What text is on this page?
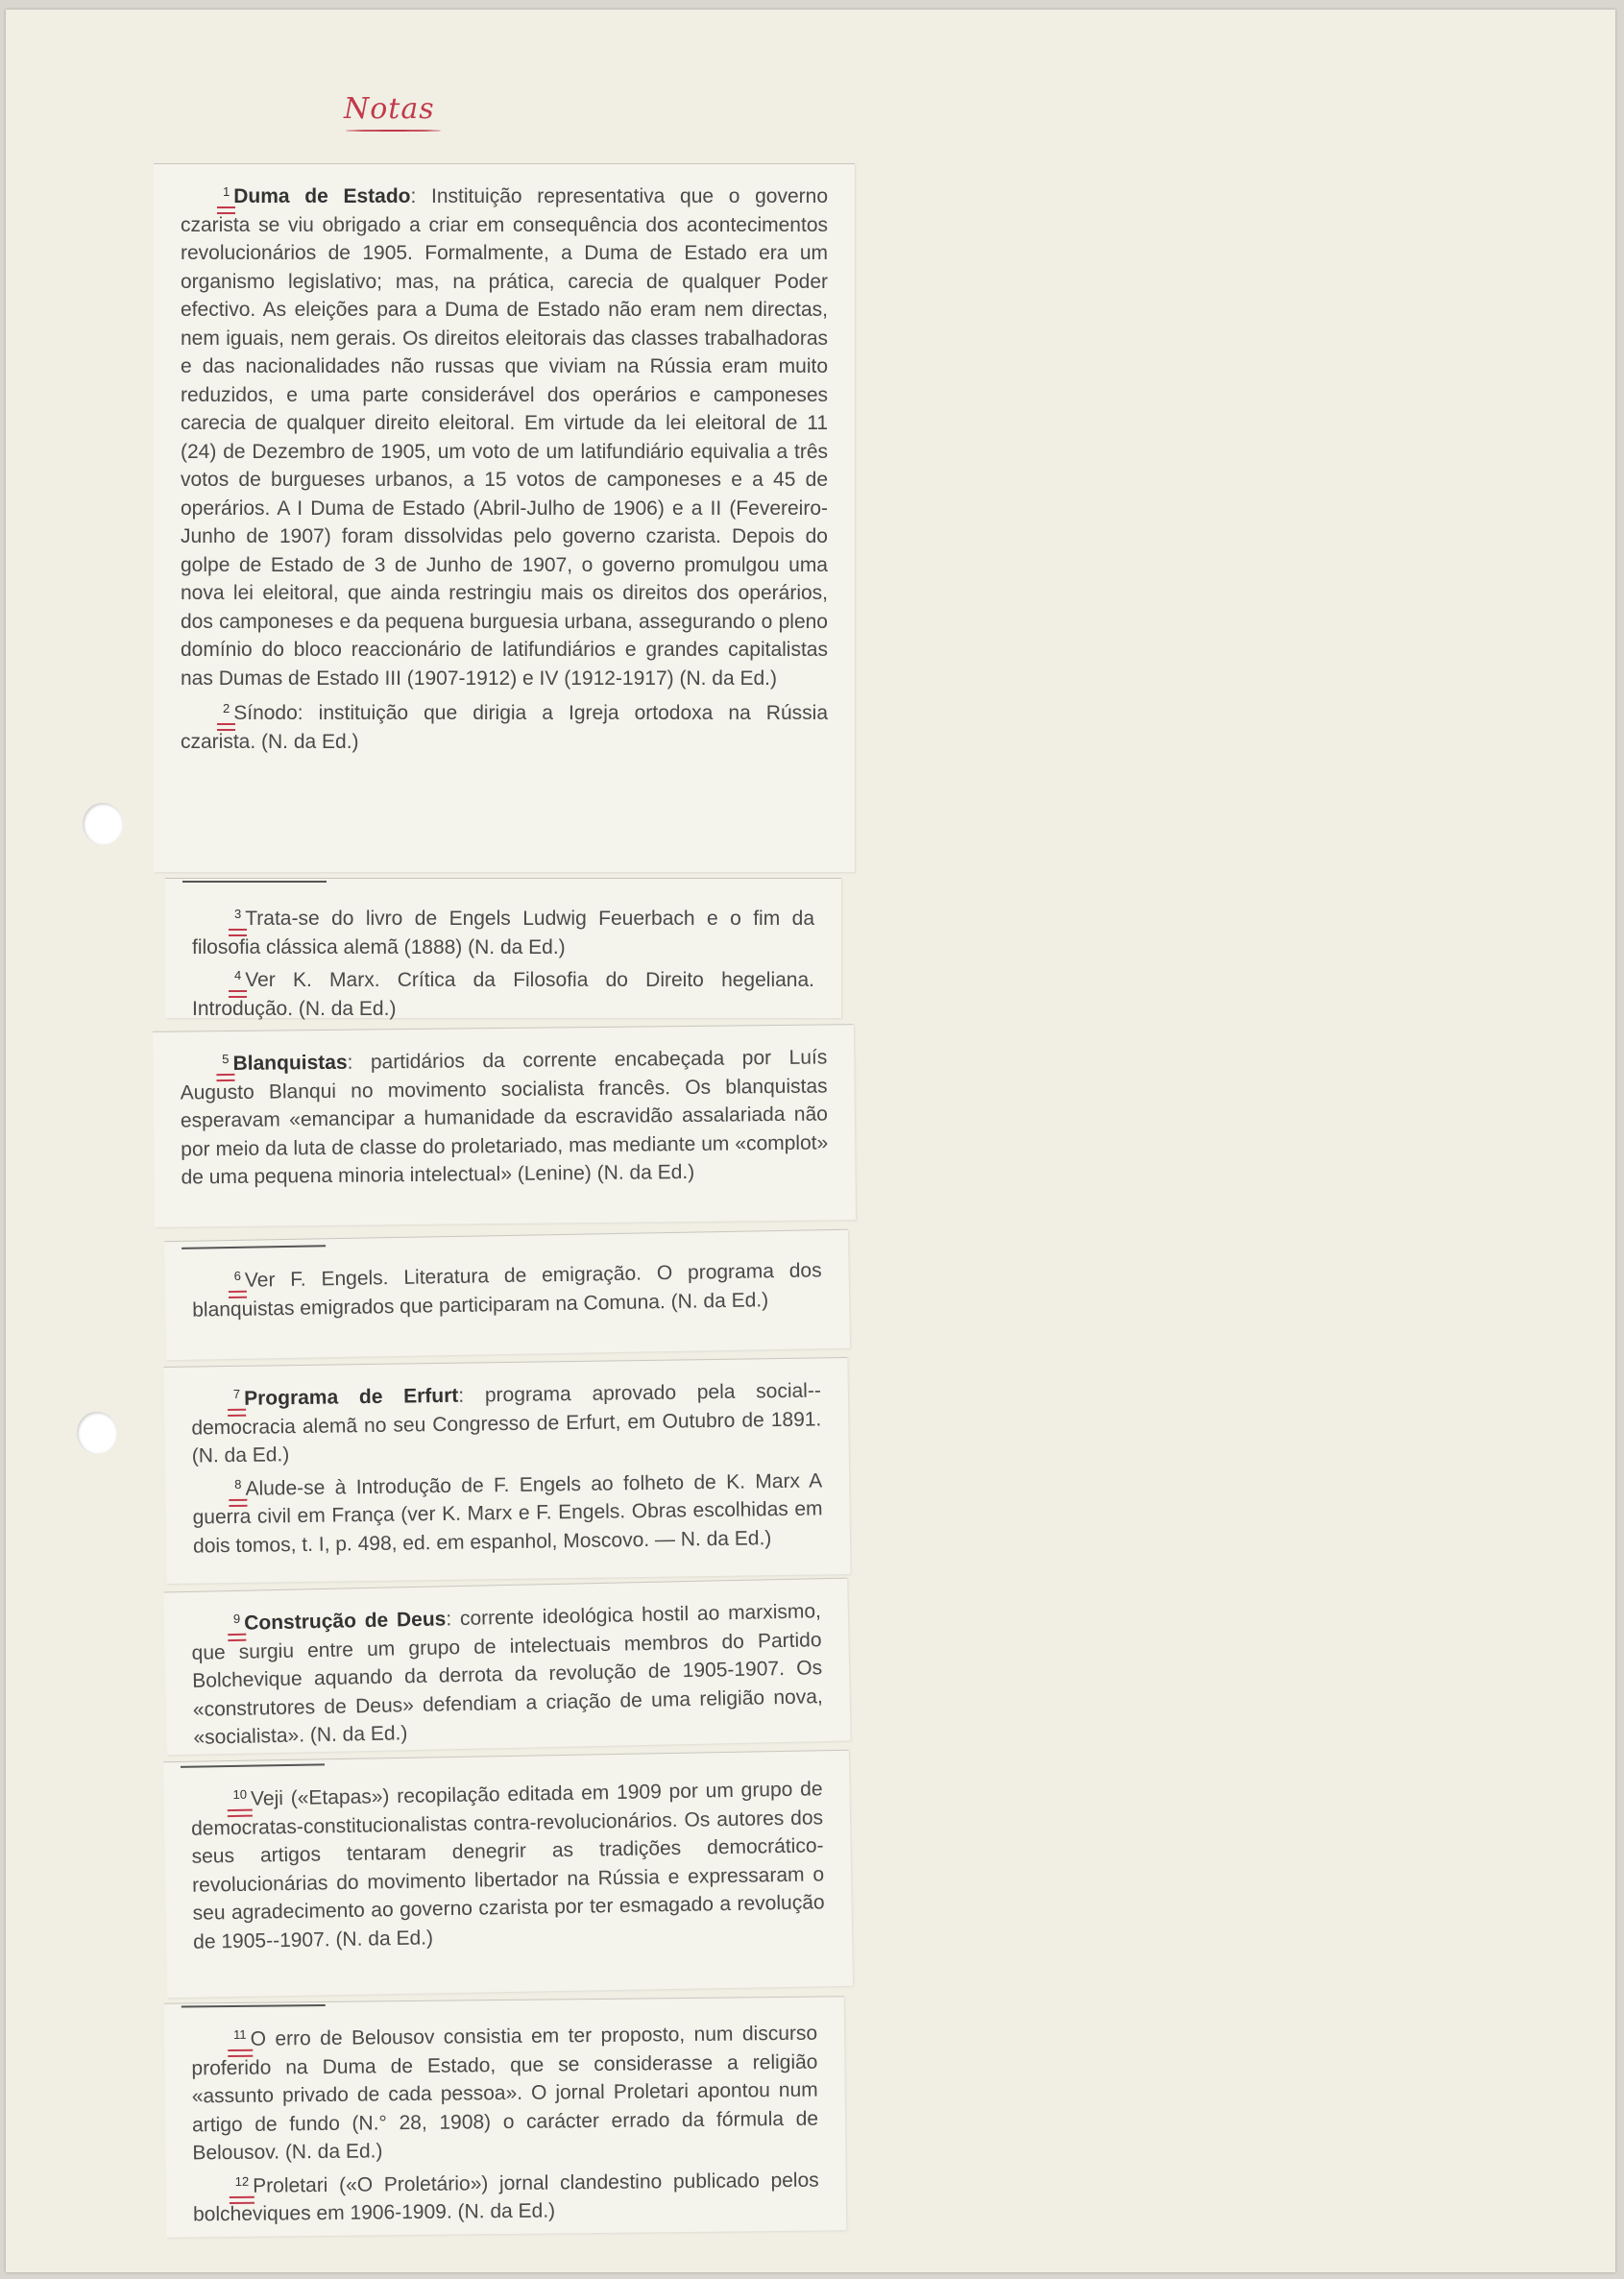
Notas

$^1$ Duma de Estado: Instituição representativa que o governo czarista se viu obrigado a criar em consequência dos acontecimentos revolucionários de 1905. Formalmente, a Duma de Estado era um organismo legislativo; mas, na prática, carecia de qualquer Poder efectivo. As eleições para a Duma de Estado não eram nem directas, nem iguais, nem gerais. Os direitos eleitorais das classes trabalhadoras e das nacionalidades não russas que viviam na Rússia eram muito reduzidos, e uma parte considerável dos operários e camponeses carecia de qualquer direito eleitoral. Em virtude da lei eleitoral de 11 (24) de Dezembro de 1905, um voto de um latifundiário equivalia a três votos de burgueses urbanos, a 15 votos de camponeses e a 45 de operários. A I Duma de Estado (Abril-Julho de 1906) e a II (Fevereiro-Junho de 1907) foram dissolvidas pelo governo czarista. Depois do golpe de Estado de 3 de Junho de 1907, o governo promulgou uma nova lei eleitoral, que ainda restringiu mais os direitos dos operários, dos camponeses e da pequena burguesia urbana, assegurando o pleno domínio do bloco reaccionário de latifundiários e grandes capitalistas nas Dumas de Estado III (1907-1912) e IV (1912-1917) (N. da Ed.)

$^2$ Sínodo: instituição que dirigia a Igreja ortodoxa na Rússia czarista. (N. da Ed.)

$^3$ Trata-se do livro de Engels Ludwig Feuerbach e o fim da filosofia clássica alemã (1888) (N. da Ed.)

$^4$ Ver K. Marx. Crítica da Filosofia do Direito hegeliana. Introdução. (N. da Ed.)

$^5$ Blanquistas: partidários da corrente encabeçada por Luís Augusto Blanqui no movimento socialista francês. Os blanquistas esperavam «emancipar a humanidade da escravidão assalariada não por meio da luta de classe do proletariado, mas mediante um «complot» de uma pequena minoria intelectual» (Lenine) (N. da Ed.)

$^6$ Ver F. Engels. Literatura de emigração. O programa dos blanquistas emigrados que participaram na Comuna. (N. da Ed.)

$^7$ Programa de Erfurt: programa aprovado pela social--democracia alemã no seu Congresso de Erfurt, em Outubro de 1891. (N. da Ed.)

$^8$ Alude-se à Introdução de F. Engels ao folheto de K. Marx A guerra civil em França (ver K. Marx e F. Engels. Obras escolhidas em dois tomos, t. I, p. 498, ed. em espanhol, Moscovo. — N. da Ed.)

$^9$ Construção de Deus: corrente ideológica hostil ao marxismo, que surgiu entre um grupo de intelectuais membros do Partido Bolchevique aquando da derrota da revolução de 1905-1907. Os «construtores de Deus» defendiam a criação de uma religião nova, «socialista». (N. da Ed.)

$^{10}$ Veji («Etapas») recopilação editada em 1909 por um grupo de democratas-constitucionalistas contra-revolucionários. Os autores dos seus artigos tentaram denegrir as tradições democrático-revolucionárias do movimento libertador na Rússia e expressaram o seu agradecimento ao governo czarista por ter esmagado a revolução de 1905--1907. (N. da Ed.)

$^{11}$ O erro de Belousov consistia em ter proposto, num discurso proferido na Duma de Estado, que se considerasse a religião «assunto privado de cada pessoa». O jornal Proletari apontou num artigo de fundo (N.° 28, 1908) o carácter errado da fórmula de Belousov. (N. da Ed.)

$^{12}$ Proletari («O Proletário») jornal clandestino publicado pelos bolcheviques em 1906-1909. (N. da Ed.)
